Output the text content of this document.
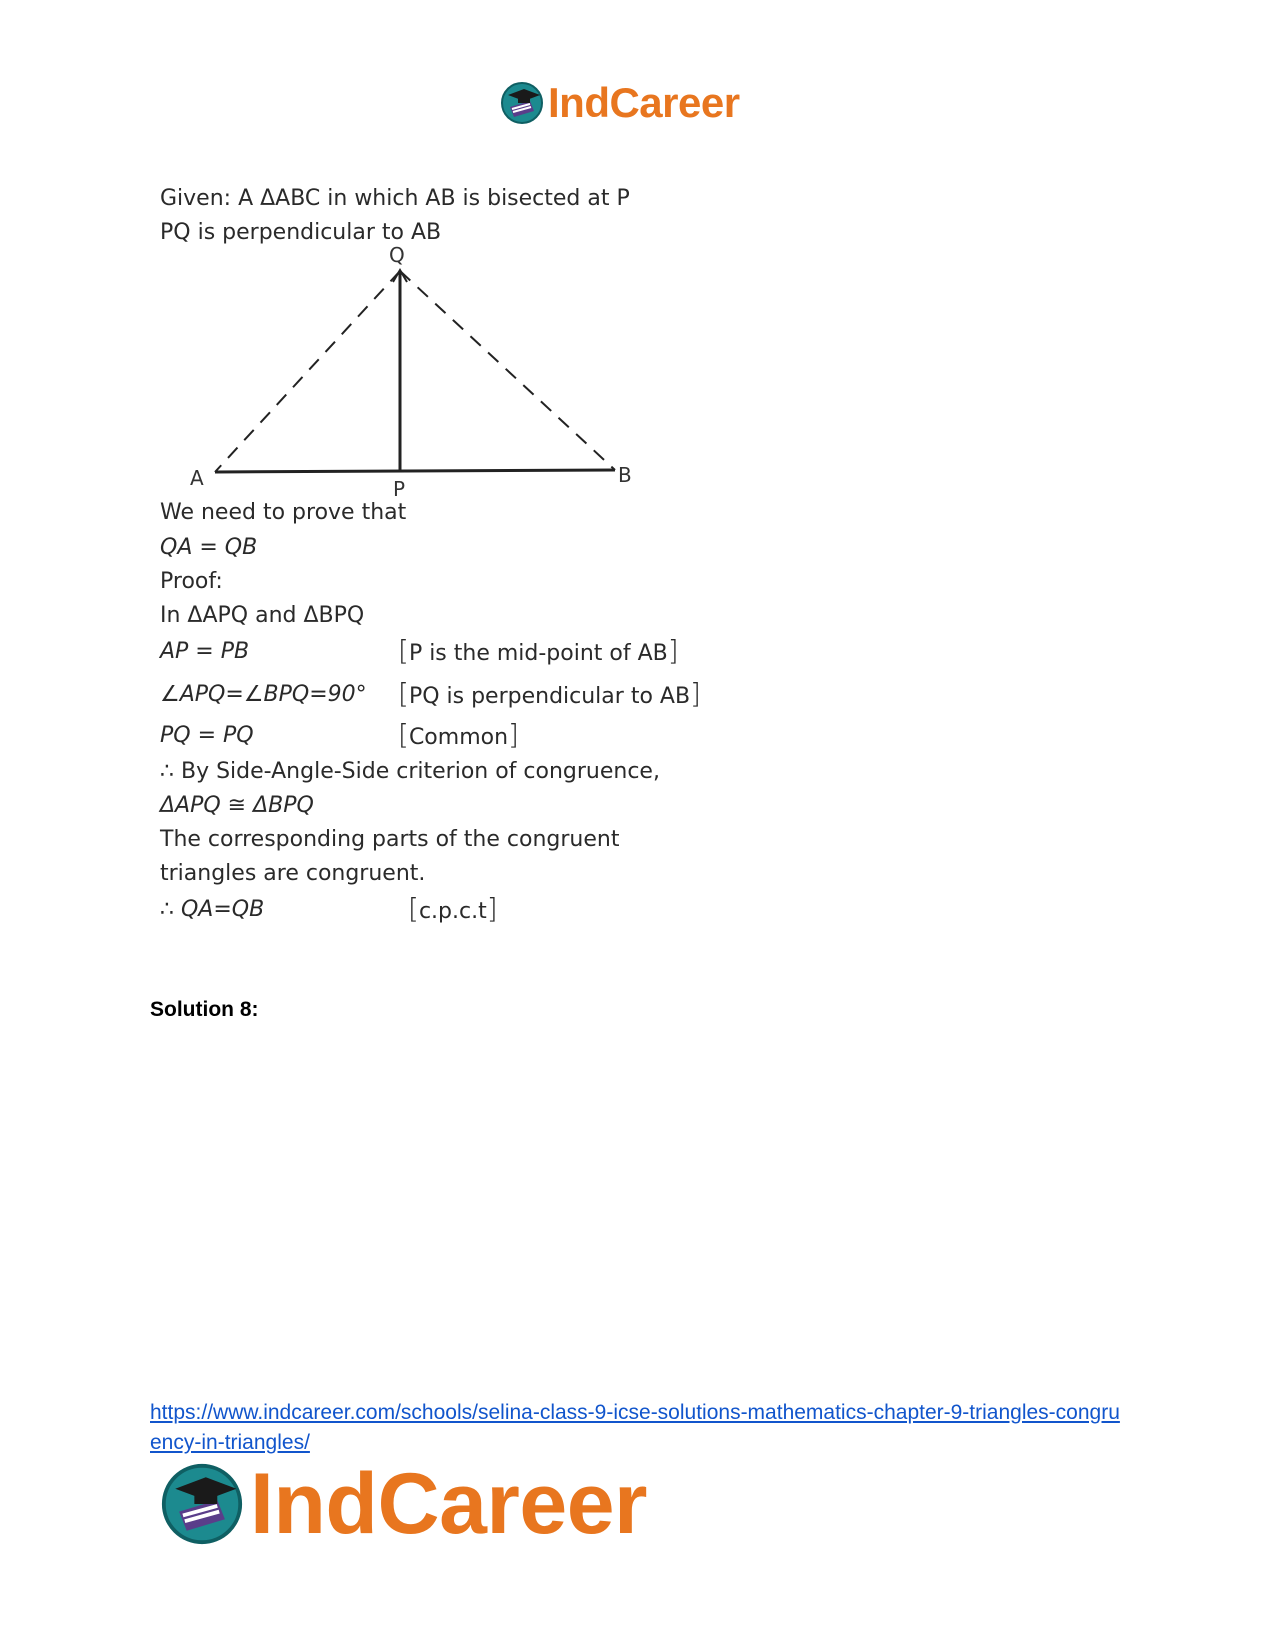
IndCareer
Given: A ΔABC in which AB is bisected at P
PQ is perpendicular to AB
Q
A	P
B
We need to prove that
QA = QB
Proof:
In ΔAPQ and ΔBPQ
AP = PB	[ P is the mid-point of AB ]
∠APQ=∠BPQ=90°	[ PQ is perpendicular to AB ]
PQ = PQ	[ Common ]
∴ By Side-Angle-Side criterion of congruence,
ΔAPQ ≅ ΔBPQ
The corresponding parts of the congruent
triangles are congruent.
∴ QA=QB	[ c.p.c.t ]
Solution 8:
https://www.indcareer.com/schools/selina-class-9-icse-solutions-mathematics-chapter-9-triangles-congruency-in-triangles/
IndCareer
